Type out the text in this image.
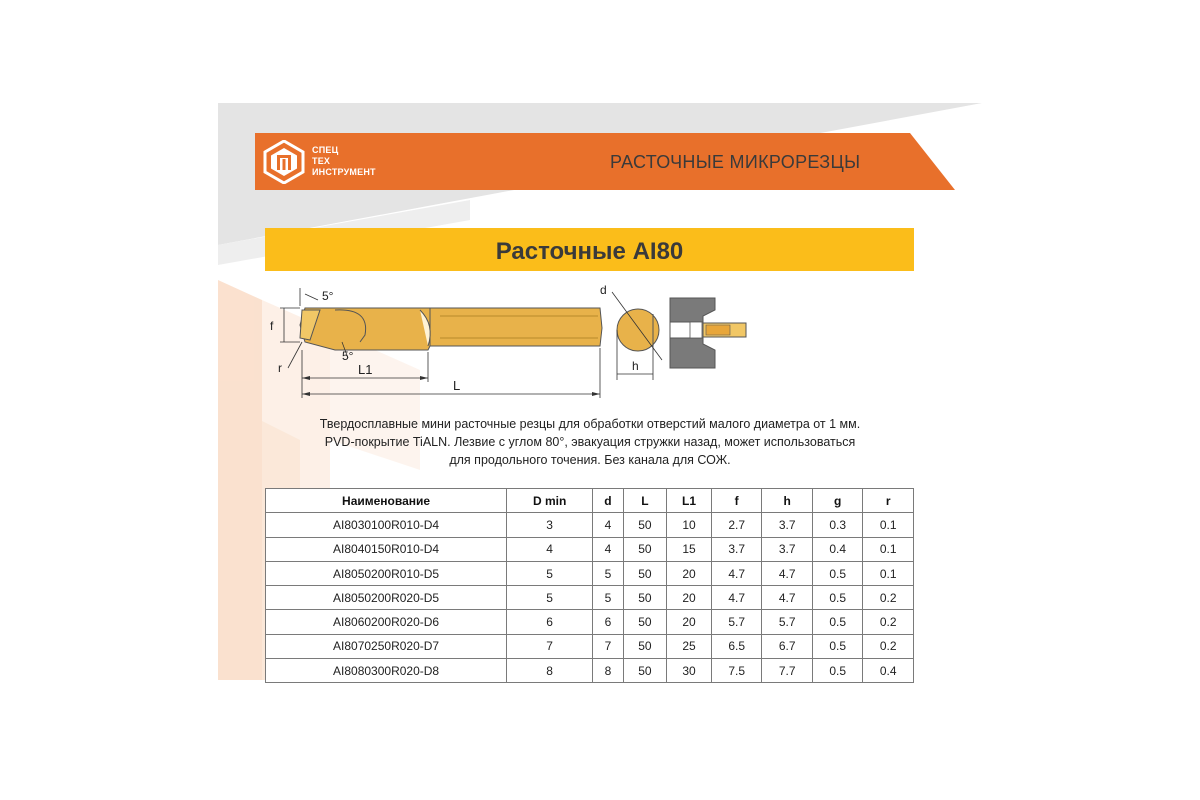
СПЕЦ
ТЕХ
ИНСТРУМЕНТ	РАСТОЧНЫЕ МИКРОРЕЗЦЫ
Расточные AI80
5°
f
5°
r	L1
L
d
h
Твердосплавные мини расточные резцы для обработки отверстий малого диаметра от 1 мм.
PVD-покрытие TiALN. Лезвие с углом 80°, эвакуация стружки назад, может использоваться
для продольного точения. Без канала для СОЖ.
Наименование	D min	d	L	L1	f	h	g	r
AI8030100R010-D4	3	4	50	10	2.7	3.7	0.3	0.1
AI8040150R010-D4	4	4	50	15	3.7	3.7	0.4	0.1
AI8050200R010-D5	5	5	50	20	4.7	4.7	0.5	0.1
AI8050200R020-D5	5	5	50	20	4.7	4.7	0.5	0.2
AI8060200R020-D6	6	6	50	20	5.7	5.7	0.5	0.2
AI8070250R020-D7	7	7	50	25	6.5	6.7	0.5	0.2
AI8080300R020-D8	8	8	50	30	7.5	7.7	0.5	0.4
